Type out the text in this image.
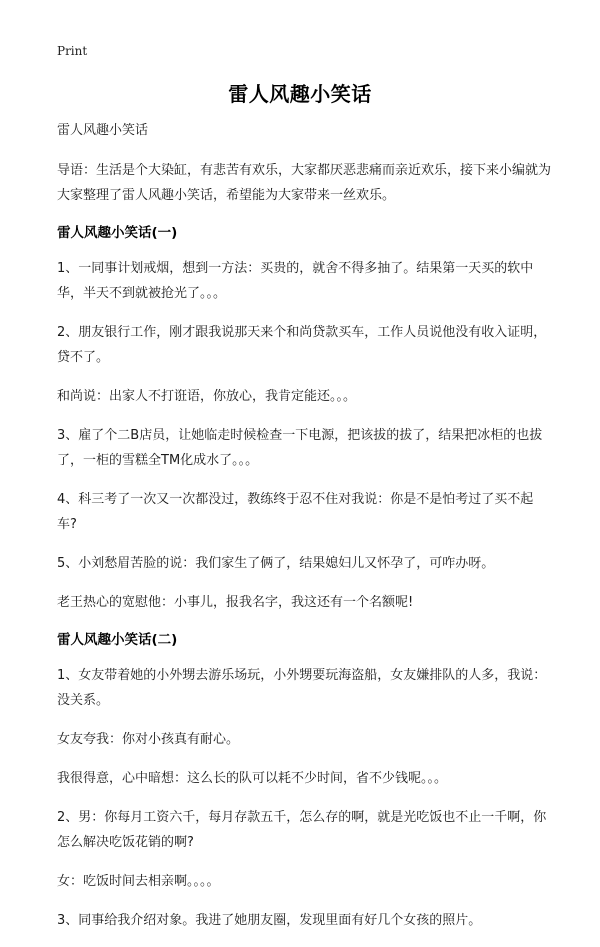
Print
雷人风趣小笑话

雷人风趣小笑话

导语：生活是个大染缸，有悲苦有欢乐，大家都厌恶悲痛而亲近欢乐，接下来小编就为大家整理了雷人风趣小笑话，希望能为大家带来一丝欢乐。

雷人风趣小笑话(一)

1、一同事计划戒烟，想到一方法：买贵的，就舍不得多抽了。结果第一天买的软中华，半天不到就被抢光了。。。

2、朋友银行工作，刚才跟我说那天来个和尚贷款买车，工作人员说他没有收入证明，贷不了。

和尚说：出家人不打诳语，你放心，我肯定能还。。。

3、雇了个二B店员，让她临走时候检查一下电源，把该拔的拔了，结果把冰柜的也拔了，一柜的雪糕全TM化成水了。。。

4、科三考了一次又一次都没过，教练终于忍不住对我说：你是不是怕考过了买不起车?

5、小刘愁眉苦脸的说：我们家生了俩了，结果媳妇儿又怀孕了，可咋办呀。

老王热心的宽慰他：小事儿，报我名字，我这还有一个名额呢!

雷人风趣小笑话(二)

1、女友带着她的小外甥去游乐场玩，小外甥要玩海盗船，女友嫌排队的人多，我说：没关系。

女友夸我：你对小孩真有耐心。

我很得意，心中暗想：这么长的队可以耗不少时间，省不少钱呢。。。

2、男：你每月工资六千，每月存款五千，怎么存的啊，就是光吃饭也不止一千啊，你怎么解决吃饭花销的啊?

女：吃饭时间去相亲啊。。。。

3、同事给我介绍对象。我进了她朋友圈，发现里面有好几个女孩的照片。
